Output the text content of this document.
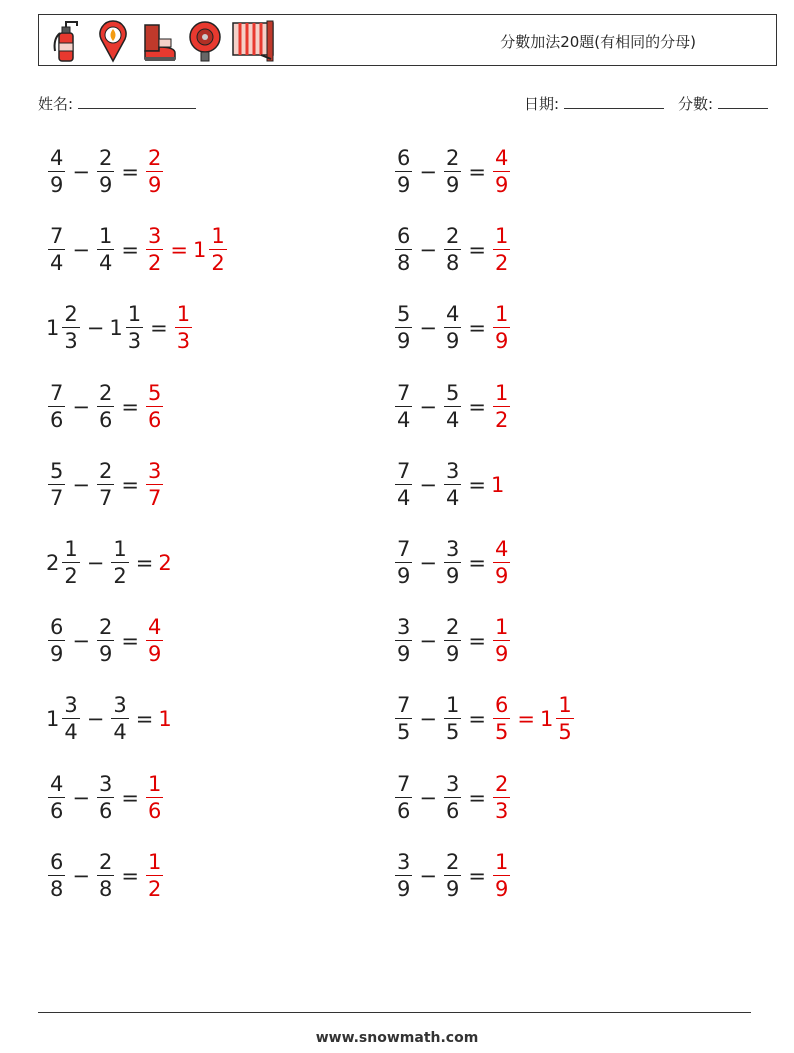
分數加法20題(有相同的分母)
姓名:	日期:	分數:
$\frac{4}{9} - \frac{2}{9} = \frac{2}{9}$	$\frac{6}{9} - \frac{2}{9} = \frac{4}{9}$
$\frac{7}{4} - \frac{1}{4} = \frac{3}{2} = 1 \frac{1}{2}$	$\frac{6}{8} - \frac{2}{8} = \frac{1}{2}$
$1 \frac{2}{3} - 1 \frac{1}{3} = \frac{1}{3}$	$\frac{5}{9} - \frac{4}{9} = \frac{1}{9}$
$\frac{7}{6} - \frac{2}{6} = \frac{5}{6}$	$\frac{7}{4} - \frac{5}{4} = \frac{1}{2}$
$\frac{5}{7} - \frac{2}{7} = \frac{3}{7}$	$\frac{7}{4} - \frac{3}{4} = 1$
$2 \frac{1}{2} - \frac{1}{2} = 2$	$\frac{7}{9} - \frac{3}{9} = \frac{4}{9}$
$\frac{6}{9} - \frac{2}{9} = \frac{4}{9}$	$\frac{3}{9} - \frac{2}{9} = \frac{1}{9}$
$1 \frac{3}{4} - \frac{3}{4} = 1$	$\frac{7}{5} - \frac{1}{5} = \frac{6}{5} = 1 \frac{1}{5}$
$\frac{4}{6} - \frac{3}{6} = \frac{1}{6}$	$\frac{7}{6} - \frac{3}{6} = \frac{2}{3}$
$\frac{6}{8} - \frac{2}{8} = \frac{1}{2}$	$\frac{3}{9} - \frac{2}{9} = \frac{1}{9}$
www.snowmath.com
